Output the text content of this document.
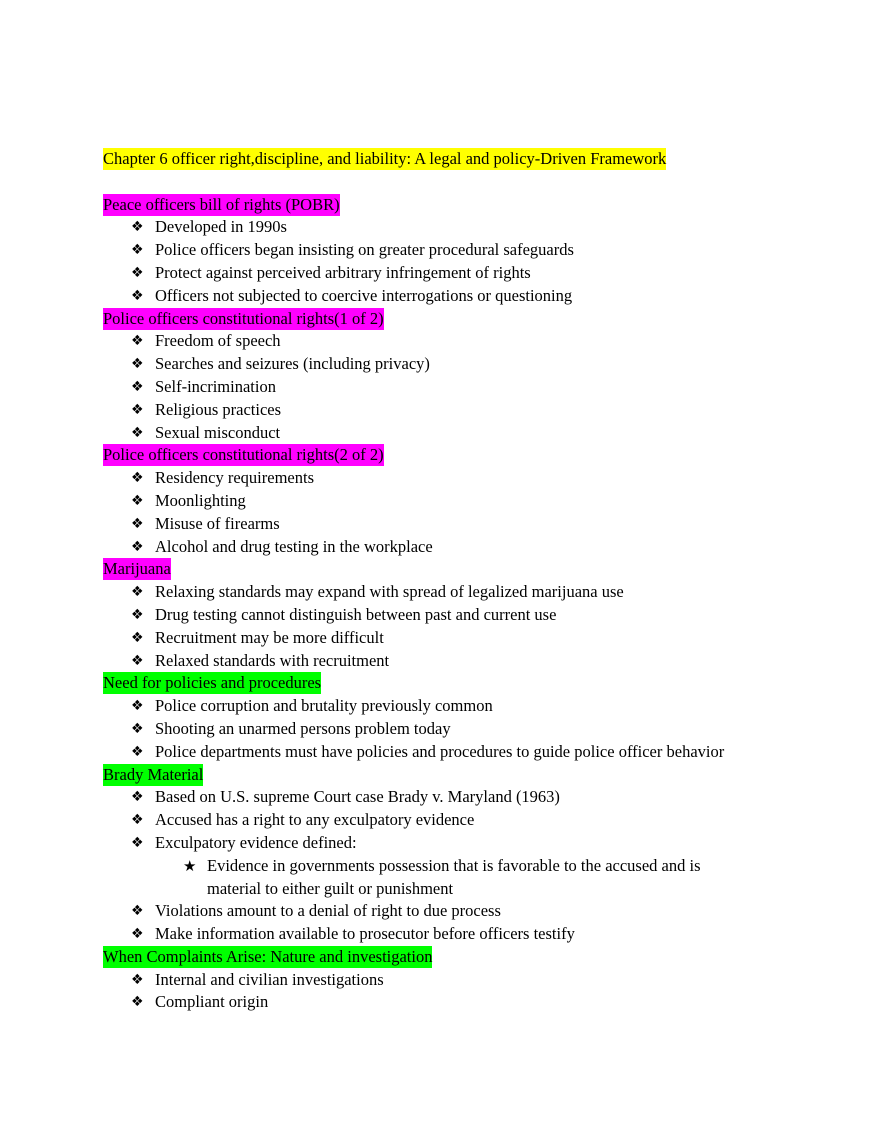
Chapter 6 officer right,discipline, and liability: A legal and policy-Driven Framework
Peace officers bill of rights (POBR)
❖ Developed in 1990s
❖ Police officers began insisting on greater procedural safeguards
❖ Protect against perceived arbitrary infringement of rights
❖ Officers not subjected to coercive interrogations or questioning
Police officers constitutional rights(1 of 2)
❖ Freedom of speech
❖ Searches and seizures (including privacy)
❖ Self-incrimination
❖ Religious practices
❖ Sexual misconduct
Police officers constitutional rights(2 of 2)
❖ Residency requirements
❖ Moonlighting
❖ Misuse of firearms
❖ Alcohol and drug testing in the workplace
Marijuana
❖ Relaxing standards may expand with spread of legalized marijuana use
❖ Drug testing cannot distinguish between past and current use
❖ Recruitment may be more difficult
❖ Relaxed standards with recruitment
Need for policies and procedures
❖ Police corruption and brutality previously common
❖ Shooting an unarmed persons problem today
❖ Police departments must have policies and procedures to guide police officer behavior
Brady Material
❖ Based on U.S. supreme Court case Brady v. Maryland (1963)
❖ Accused has a right to any exculpatory evidence
❖ Exculpatory evidence defined:
★ Evidence in governments possession that is favorable to the accused and is material to either guilt or punishment
❖ Violations amount to a denial of right to due process
❖ Make information available to prosecutor before officers testify
When Complaints Arise: Nature and investigation
❖ Internal and civilian investigations
❖ Compliant origin
